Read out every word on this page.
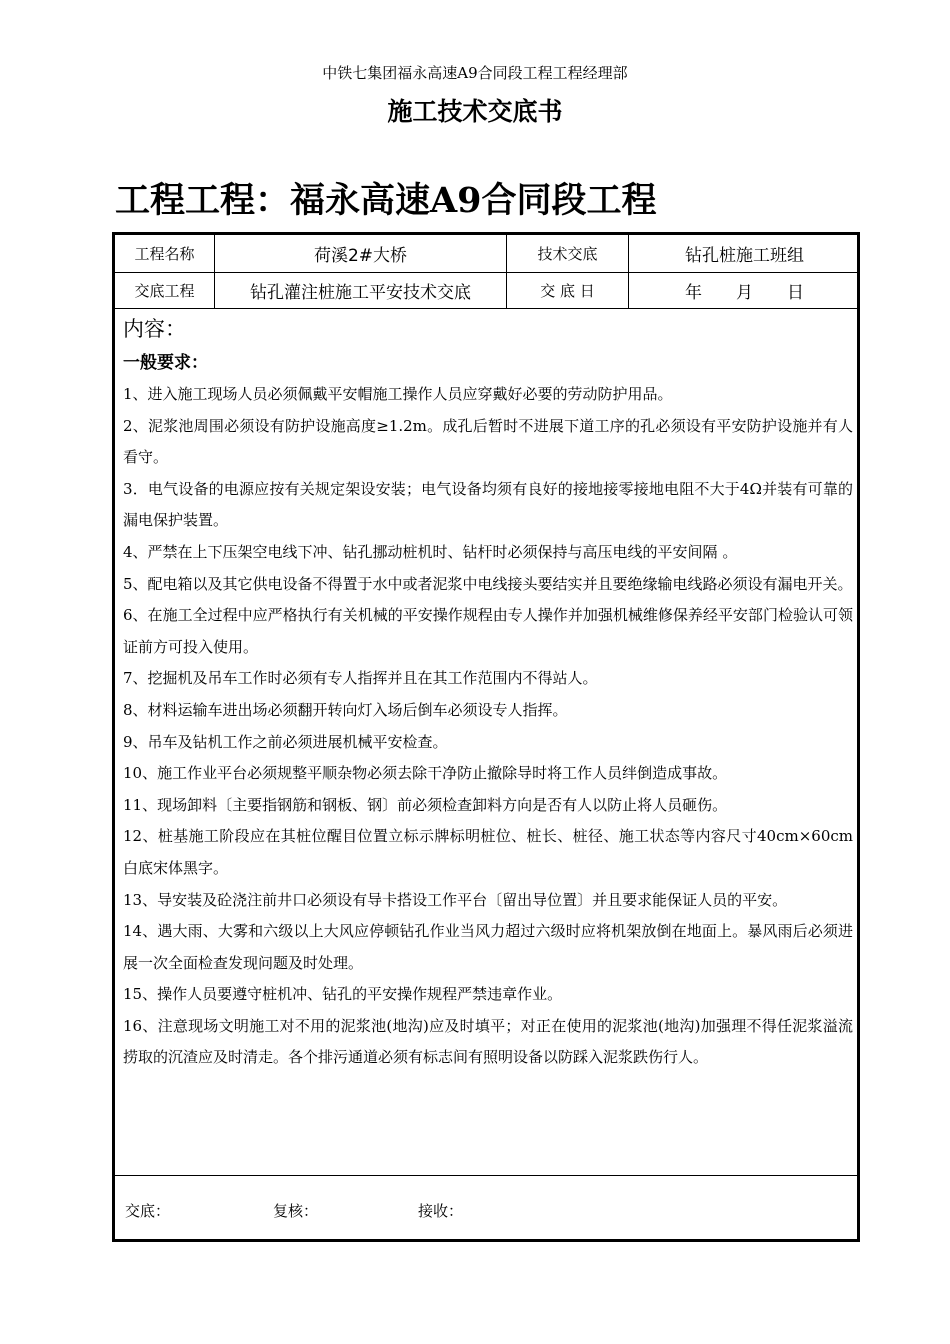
中铁七集团福永高速A9合同段工程工程经理部
施工技术交底书
工程工程：福永高速A9合同段工程
工程名称	荷溪2#大桥	技术交底	钻孔桩施工班组
交底工程	钻孔灌注桩施工平安技术交底	交 底 日	年　　月　　日
内容：
一般要求：

1、进入施工现场人员必须佩戴平安帽施工操作人员应穿戴好必要的劳动防护用品。

2、泥浆池周围必须设有防护设施高度≥1.2m。成孔后暂时不进展下道工序的孔必须设有平安防护设施并有人看守。

3．电气设备的电源应按有关规定架设安装；电气设备均须有良好的接地接零接地电阻不大于4Ω并装有可靠的漏电保护装置。

4、严禁在上下压架空电线下冲、钻孔挪动桩机时、钻杆时必须保持与高压电线的平安间隔 。

5、配电箱以及其它供电设备不得置于水中或者泥浆中电线接头要结实并且要绝缘输电线路必须设有漏电开关。

6、在施工全过程中应严格执行有关机械的平安操作规程由专人操作并加强机械维修保养经平安部门检验认可领证前方可投入使用。

7、挖掘机及吊车工作时必须有专人指挥并且在其工作范围内不得站人。

8、材料运输车进出场必须翻开转向灯入场后倒车必须设专人指挥。

9、吊车及钻机工作之前必须进展机械平安检查。

10、施工作业平台必须规整平顺杂物必须去除干净防止撤除导时将工作人员绊倒造成事故。

11、现场卸料〔主要指钢筋和钢板、钢〕前必须检查卸料方向是否有人以防止将人员砸伤。

12、桩基施工阶段应在其桩位醒目位置立标示牌标明桩位、桩长、桩径、施工状态等内容尺寸40cm×60cm白底宋体黑字。

13、导安装及砼浇注前井口必须设有导卡搭设工作平台〔留出导位置〕并且要求能保证人员的平安。

14、遇大雨、大雾和六级以上大风应停顿钻孔作业当风力超过六级时应将机架放倒在地面上。暴风雨后必须进展一次全面检查发现问题及时处理。

15、操作人员要遵守桩机冲、钻孔的平安操作规程严禁违章作业。

16、注意现场文明施工对不用的泥浆池(地沟)应及时填平；对正在使用的泥浆池(地沟)加强理不得任泥浆溢流捞取的沉渣应及时清走。各个排污通道必须有标志间有照明设备以防踩入泥浆跌伤行人。

交底：	复核：	接收：
